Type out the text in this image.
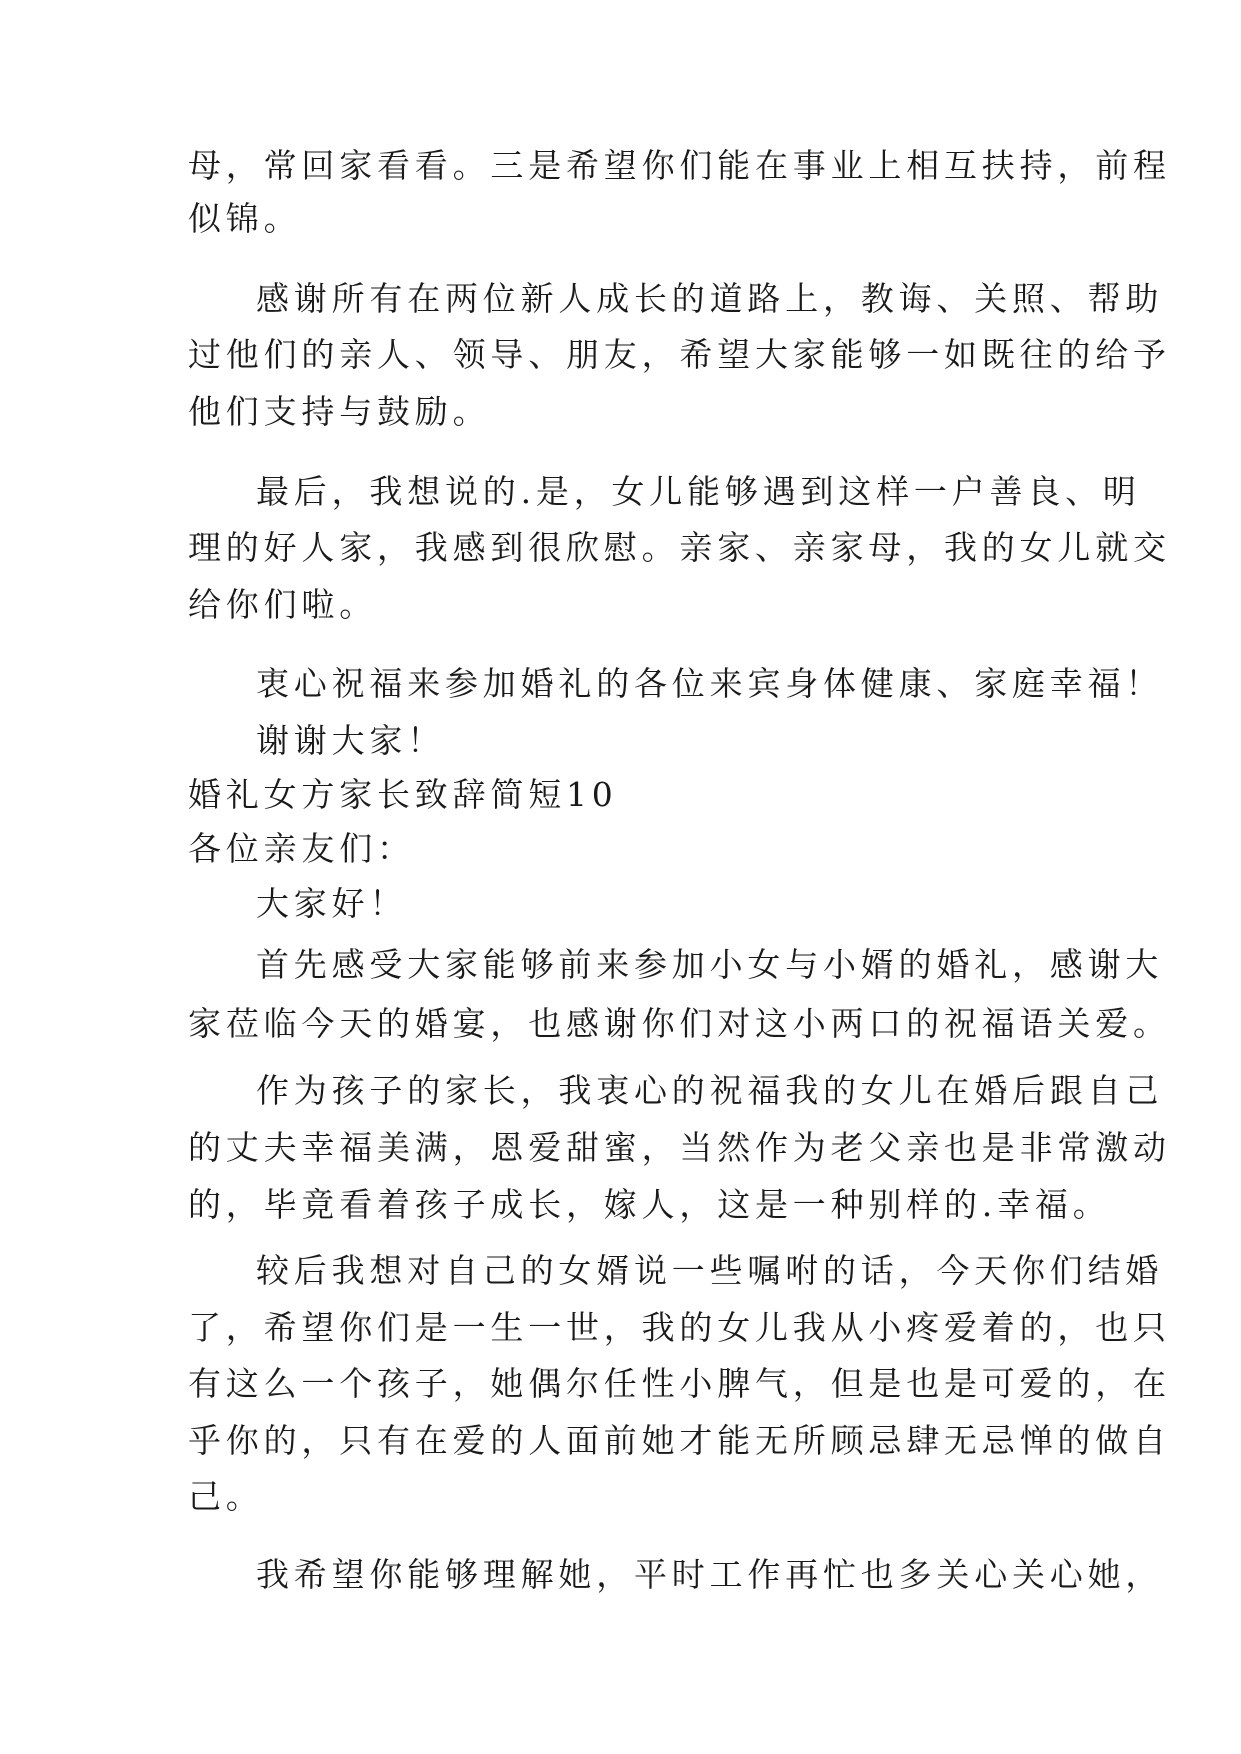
母，常回家看看。三是希望你们能在事业上相互扶持，前程
似锦。
感谢所有在两位新人成长的道路上，教诲、关照、帮助
过他们的亲人、领导、朋友，希望大家能够一如既往的给予
他们支持与鼓励。
最后，我想说的.是，女儿能够遇到这样一户善良、明
理的好人家，我感到很欣慰。亲家、亲家母，我的女儿就交
给你们啦。
衷心祝福来参加婚礼的各位来宾身体健康、家庭幸福！
谢谢大家！
婚礼女方家长致辞简短10
各位亲友们：
大家好！
首先感受大家能够前来参加小女与小婿的婚礼，感谢大
家莅临今天的婚宴，也感谢你们对这小两口的祝福语关爱。
作为孩子的家长，我衷心的祝福我的女儿在婚后跟自己
的丈夫幸福美满，恩爱甜蜜，当然作为老父亲也是非常激动
的，毕竟看着孩子成长，嫁人，这是一种别样的.幸福。
较后我想对自己的女婿说一些嘱咐的话，今天你们结婚
了，希望你们是一生一世，我的女儿我从小疼爱着的，也只
有这么一个孩子，她偶尔任性小脾气，但是也是可爱的，在
乎你的，只有在爱的人面前她才能无所顾忌肆无忌惮的做自
己。
我希望你能够理解她，平时工作再忙也多关心关心她，
